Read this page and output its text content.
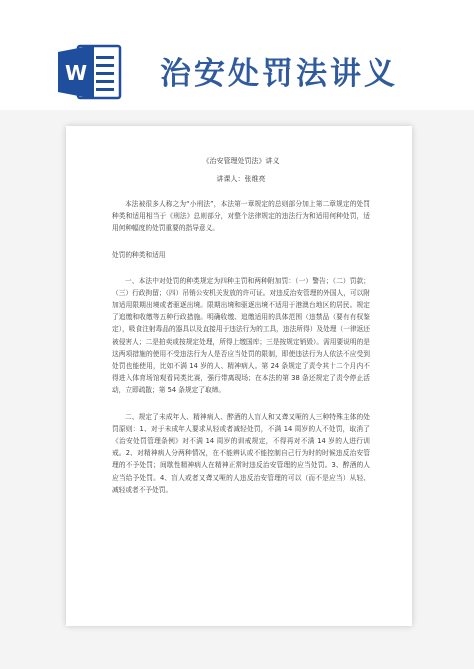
W 治安处罚法讲义

《治安管理处罚法》讲义

讲课人：张维亮

本法被很多人称之为“小刑法”，本法第一章规定的总则部分加上第二章规定的处罚种类和适用相当于《刑法》总则部分，对整个法律规定的违法行为和适用何种处罚，适用何种幅度的处罚重要的指导意义。

处罚的种类和适用

一、本法中对处罚的种类规定为四种主罚和两种附加罚：（一）警告；（二）罚款；（三）行政拘留；（四）吊销公安机关发放的许可证。对违反治安管理的外国人，可以附加适用限期出境或者驱逐出境。限期出境和驱逐出境不适用于港澳台地区的居民。规定了追缴和收缴等五种行政措施。明确收缴、追缴适用的具体范围（违禁品（要有有权鉴定），吸食注射毒品的器具以及直接用于违法行为的工具，违法所得）及处理（一律返还被侵害人；二是拍卖或按规定处理，所得上缴国库；三是按规定销毁）。需用要说明的是这两项措施的使用不受违法行为人是否应当处罚的限制，即使违法行为人依法不应受到处罚也能使用，比如不满 14 岁的人、精神病人。第 24 条规定了责令其十二个月内不得进入体育场馆观看同类比赛，强行带离现场；在本法的第 38 条还规定了责令停止活动，立即疏散；第 54 条规定了取缔。

二、规定了未成年人、精神病人、醉酒的人盲人和又聋又哑的人三种特殊主体的处罚原则：1、对于未成年人要求从轻或者减轻处罚，不满 14 周岁的人不处罚，取消了《治安处罚管理条例》对不满 14 周岁的训戒规定，不得再对不满 14 岁的人进行训戒。2、对精神病人分两种情况，在不能辨认或不能控制自己行为时的时候违反治安管理的不予处罚；间歇性精神病人在精神正常时违反治安管理的应当处罚。3、醉酒的人应当给予处罚。4、盲人或者又聋又哑的人违反治安管理的可以（而不是应当）从轻、减轻或者不予处罚。
